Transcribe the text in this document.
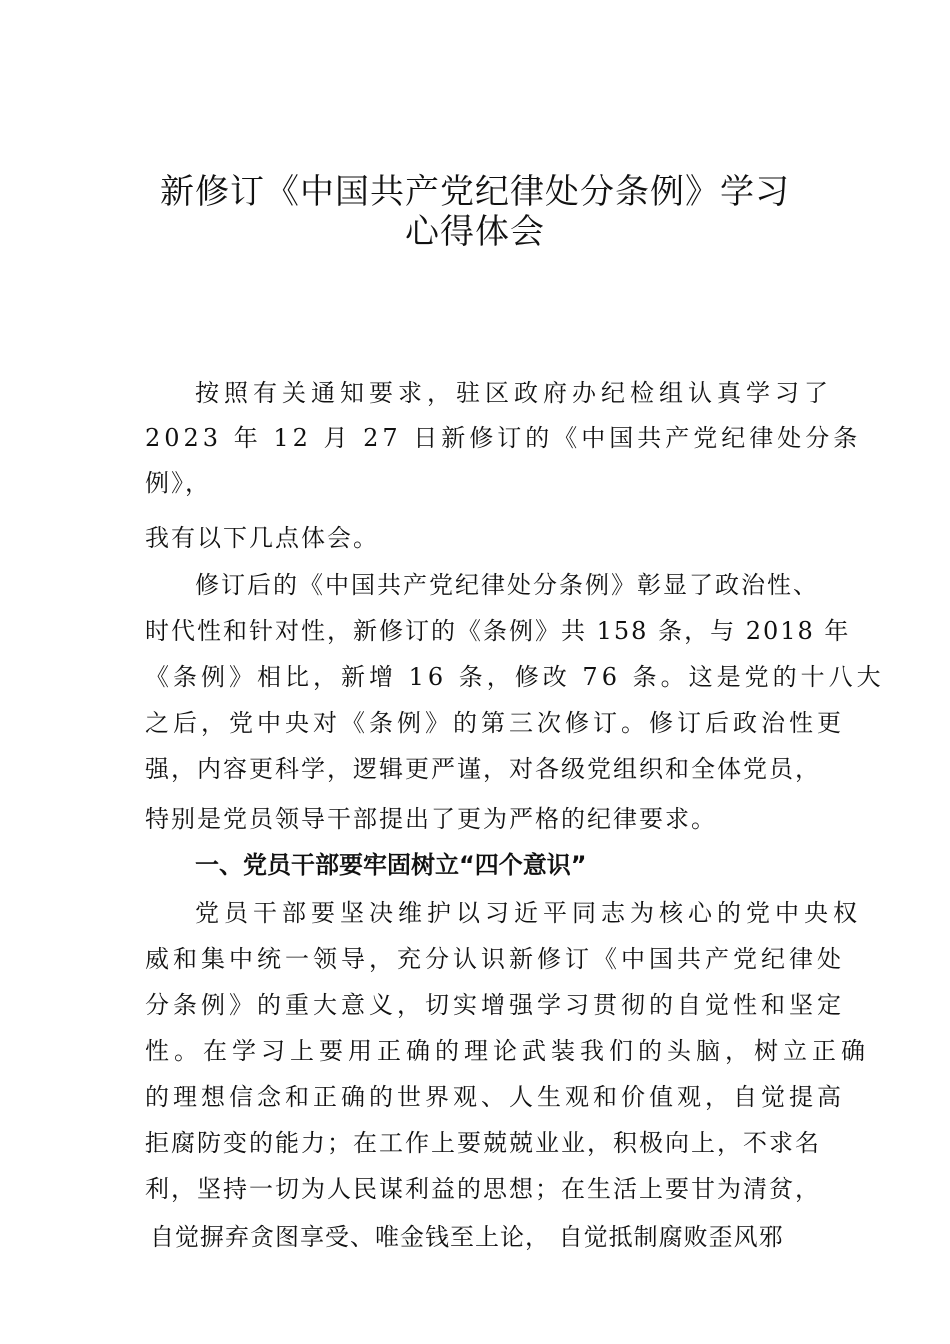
新修订《中国共产党纪律处分条例》学习
心得体会
按照有关通知要求，驻区政府办纪检组认真学习了
2023 年 12 月 27 日新修订的《中国共产党纪律处分条
例》，
我有以下几点体会。
修订后的《中国共产党纪律处分条例》彰显了政治性、
时代性和针对性，新修订的《条例》共 158 条，与 2018 年
《条例》相比，新增 16 条，修改 76 条。这是党的十八大
之后，党中央对《条例》的第三次修订。修订后政治性更
强，内容更科学，逻辑更严谨，对各级党组织和全体党员，
特别是党员领导干部提出了更为严格的纪律要求。
一、党员干部要牢固树立“四个意识”
党员干部要坚决维护以习近平同志为核心的党中央权
威和集中统一领导，充分认识新修订《中国共产党纪律处
分条例》的重大意义，切实增强学习贯彻的自觉性和坚定
性。在学习上要用正确的理论武装我们的头脑，树立正确
的理想信念和正确的世界观、人生观和价值观，自觉提高
拒腐防变的能力；在工作上要兢兢业业，积极向上，不求名
利，坚持一切为人民谋利益的思想；在生活上要甘为清贫，
自觉摒弃贪图享受、唯金钱至上论， 自觉抵制腐败歪风邪
